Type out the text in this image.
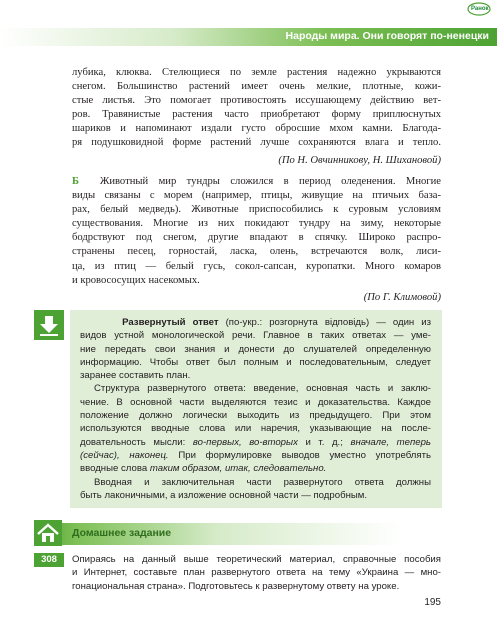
Ранок
Народы мира. Они говорят по-ненецки
лубика, клюква. Стелющиеся по земле растения надежно укрываются
снегом. Большинство растений имеет очень мелкие, плотные, кожи-
стые листья. Это помогает противостоять иссушающему действию вет-
ров. Травянистые растения часто приобретают форму приплюснутых
шариков и напоминают издали густо обросшие мхом камни. Благода-
ря подушковидной форме растений лучше сохраняются влага и тепло.
(По Н. Овчинникову, Н. Шихановой)
Б Животный мир тундры сложился в период оледенения. Многие
виды связаны с морем (например, птицы, живущие на птичьих база-
рах, белый медведь). Животные приспособились к суровым условиям
существования. Многие из них покидают тундру на зиму, некоторые
бодрствуют под снегом, другие впадают в спячку. Широко распро-
странены песец, горностай, ласка, олень, встречаются волк, лиси-
ца, из птиц — белый гусь, сокол-сапсан, куропатки. Много комаров
и кровососущих насекомых.
(По Г. Климовой)
Развернутый ответ (по-укр.: розгорнута відповідь) — один из
видов устной монологической речи. Главное в таких ответах — уме-
ние передать свои знания и донести до слушателей определенную
информацию. Чтобы ответ был полным и последовательным, следует
заранее составить план.
Структура развернутого ответа: введение, основная часть и заклю-
чение. В основной части выделяются тезис и доказательства. Каждое
положение должно логически выходить из предыдущего. При этом
используются вводные слова или наречия, указывающие на после-
довательность мысли: во-первых, во-вторых и т. д.; вначале, теперь
(сейчас), наконец. При формулировке выводов уместно употреблять
вводные слова таким образом, итак, следовательно.
Вводная и заключительная части развернутого ответа должны
быть лаконичными, а изложение основной части — подробным.
Домашнее задание
308	Опираясь на данный выше теоретический материал, справочные пособия
и Интернет, составьте план развернутого ответа на тему «Украина — мно-
гонациональная страна». Подготовьтесь к развернутому ответу на уроке.
195
